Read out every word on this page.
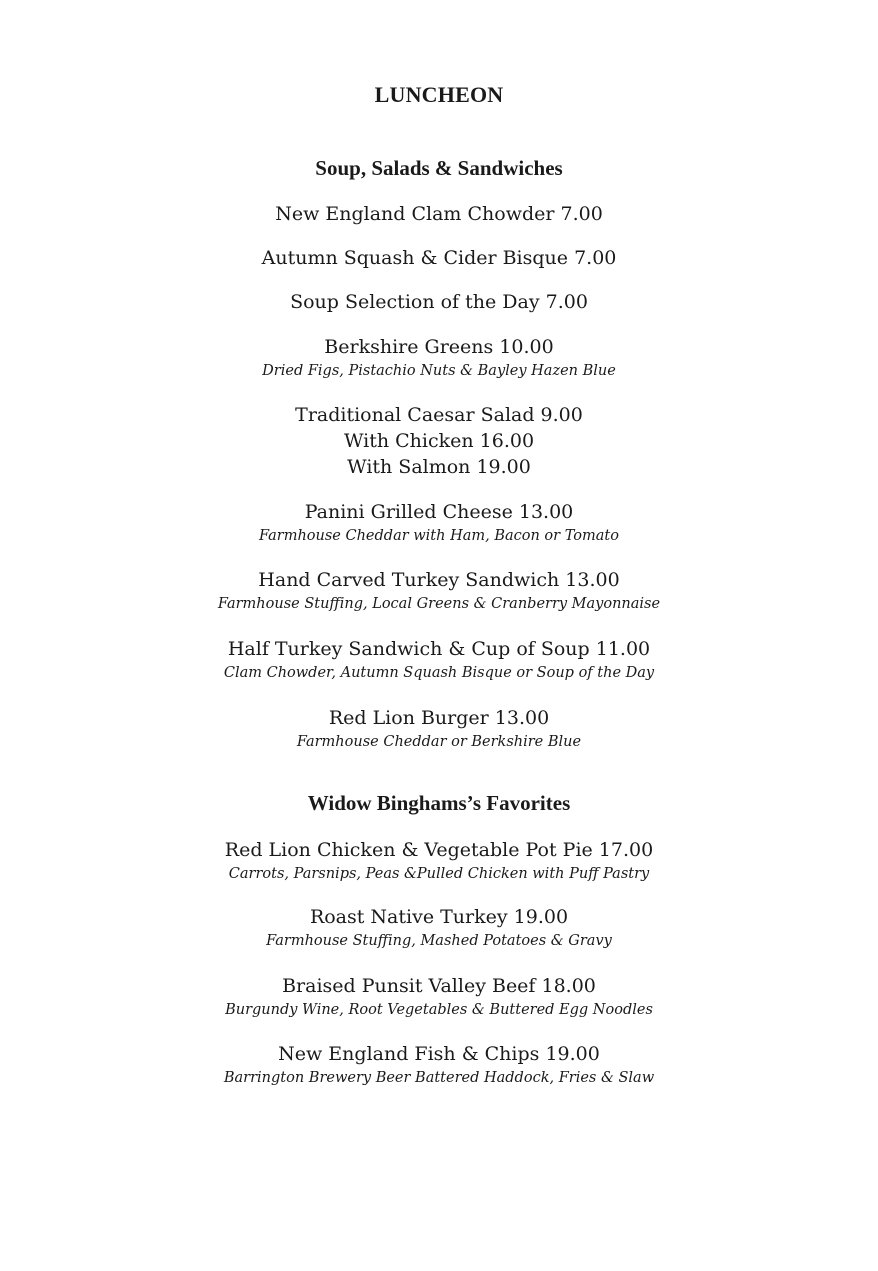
LUNCHEON
Soup, Salads & Sandwiches
New England Clam Chowder 7.00
Autumn Squash & Cider Bisque 7.00
Soup Selection of the Day 7.00
Berkshire Greens 10.00
Dried Figs, Pistachio Nuts & Bayley Hazen Blue
Traditional Caesar Salad 9.00
With Chicken 16.00
With Salmon 19.00
Panini Grilled Cheese 13.00
Farmhouse Cheddar with Ham, Bacon or Tomato
Hand Carved Turkey Sandwich 13.00
Farmhouse Stuffing, Local Greens & Cranberry Mayonnaise
Half Turkey Sandwich & Cup of Soup 11.00
Clam Chowder, Autumn Squash Bisque or Soup of the Day
Red Lion Burger 13.00
Farmhouse Cheddar or Berkshire Blue
Widow Binghams’s Favorites
Red Lion Chicken & Vegetable Pot Pie 17.00
Carrots, Parsnips, Peas &Pulled Chicken with Puff Pastry
Roast Native Turkey 19.00
Farmhouse Stuffing, Mashed Potatoes & Gravy
Braised Punsit Valley Beef 18.00
Burgundy Wine, Root Vegetables & Buttered Egg Noodles
New England Fish & Chips 19.00
Barrington Brewery Beer Battered Haddock, Fries & Slaw
